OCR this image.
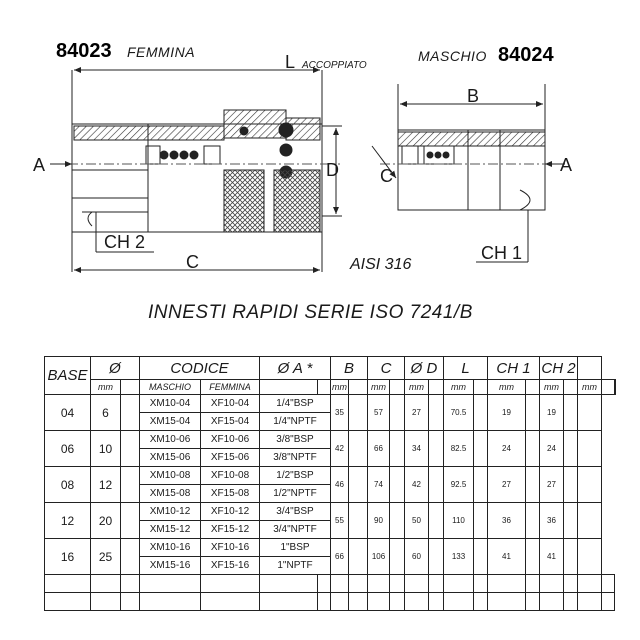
84023 FEMMINA	MASCHIO 84024
L ACCOPPIATO
B
A	A
C
D
CH 2
C	AISI 316
CH 1
INNESTI RAPIDI SERIE ISO 7241/B
BASE	Ø		CODICE		Ø A *		B		C		Ø D		L		CH 1		CH 2				
	mm		MASCHIO	FEMMINA			mm		mm		mm		mm		mm		mm		mm		
04	6		XM10-04	XF10-04	1/4"BSP		35		57		27		70.5		19		19				
			XM15-04	XF15-04	1/4"NPTF																
06	10		XM10-06	XF10-06	3/8"BSP		42		66		34		82.5		24		24				
			XM15-06	XF15-06	3/8"NPTF																
08	12		XM10-08	XF10-08	1/2"BSP		46		74		42		92.5		27		27				
			XM15-08	XF15-08	1/2"NPTF																
12	20		XM10-12	XF10-12	3/4"BSP		55		90		50		110		36		36				
			XM15-12	XF15-12	3/4"NPTF																
16	25		XM10-16	XF10-16	1"BSP		66		106		60		133		41		41				
			XM15-16	XF15-16	1"NPTF																
